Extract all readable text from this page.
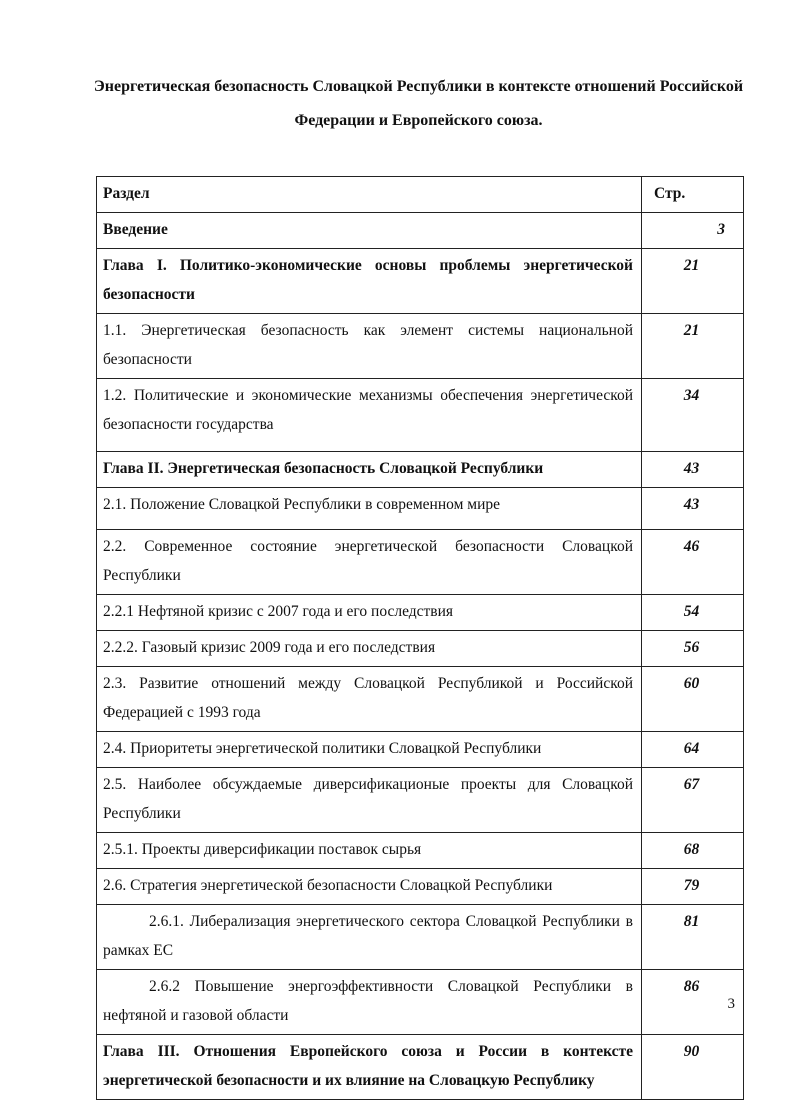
Энергетическая безопасность Словацкой Республики в контексте отношений Российской Федерации и Европейского союза.
Раздел	Стр.
Введение	3
Глава I. Политико-экономические основы проблемы энергетической безопасности	21
1.1. Энергетическая безопасность как элемент системы национальной безопасности	21
1.2. Политические и экономические механизмы обеспечения энергетической безопасности государства	34
Глава II. Энергетическая безопасность Словацкой Республики	43
2.1. Положение Словацкой Республики в современном мире	43
2.2. Современное состояние энергетической безопасности Словацкой Республики	46
2.2.1 Нефтяной кризис с 2007 года и его последствия	54
2.2.2. Газовый кризис 2009 года и его последствия	56
2.3. Развитие отношений между Словацкой Республикой и Российской Федерацией с 1993 года	60
2.4. Приоритеты энергетической политики Словацкой Республики	64
2.5. Наиболее обсуждаемые диверсификационые проекты для Словацкой Республики	67
2.5.1. Проекты диверсификации поставок сырья	68
2.6. Стратегия энергетической безопасности Словацкой Республики	79
2.6.1. Либерализация энергетического сектора Словацкой Республики в рамках ЕС	81
2.6.2 Повышение энергоэффективности Словацкой Республики в нефтяной и газовой области	86
Глава III. Отношения Европейского союза и России в контексте энергетической безопасности и их влияние на Словацкую Республику	90
3
